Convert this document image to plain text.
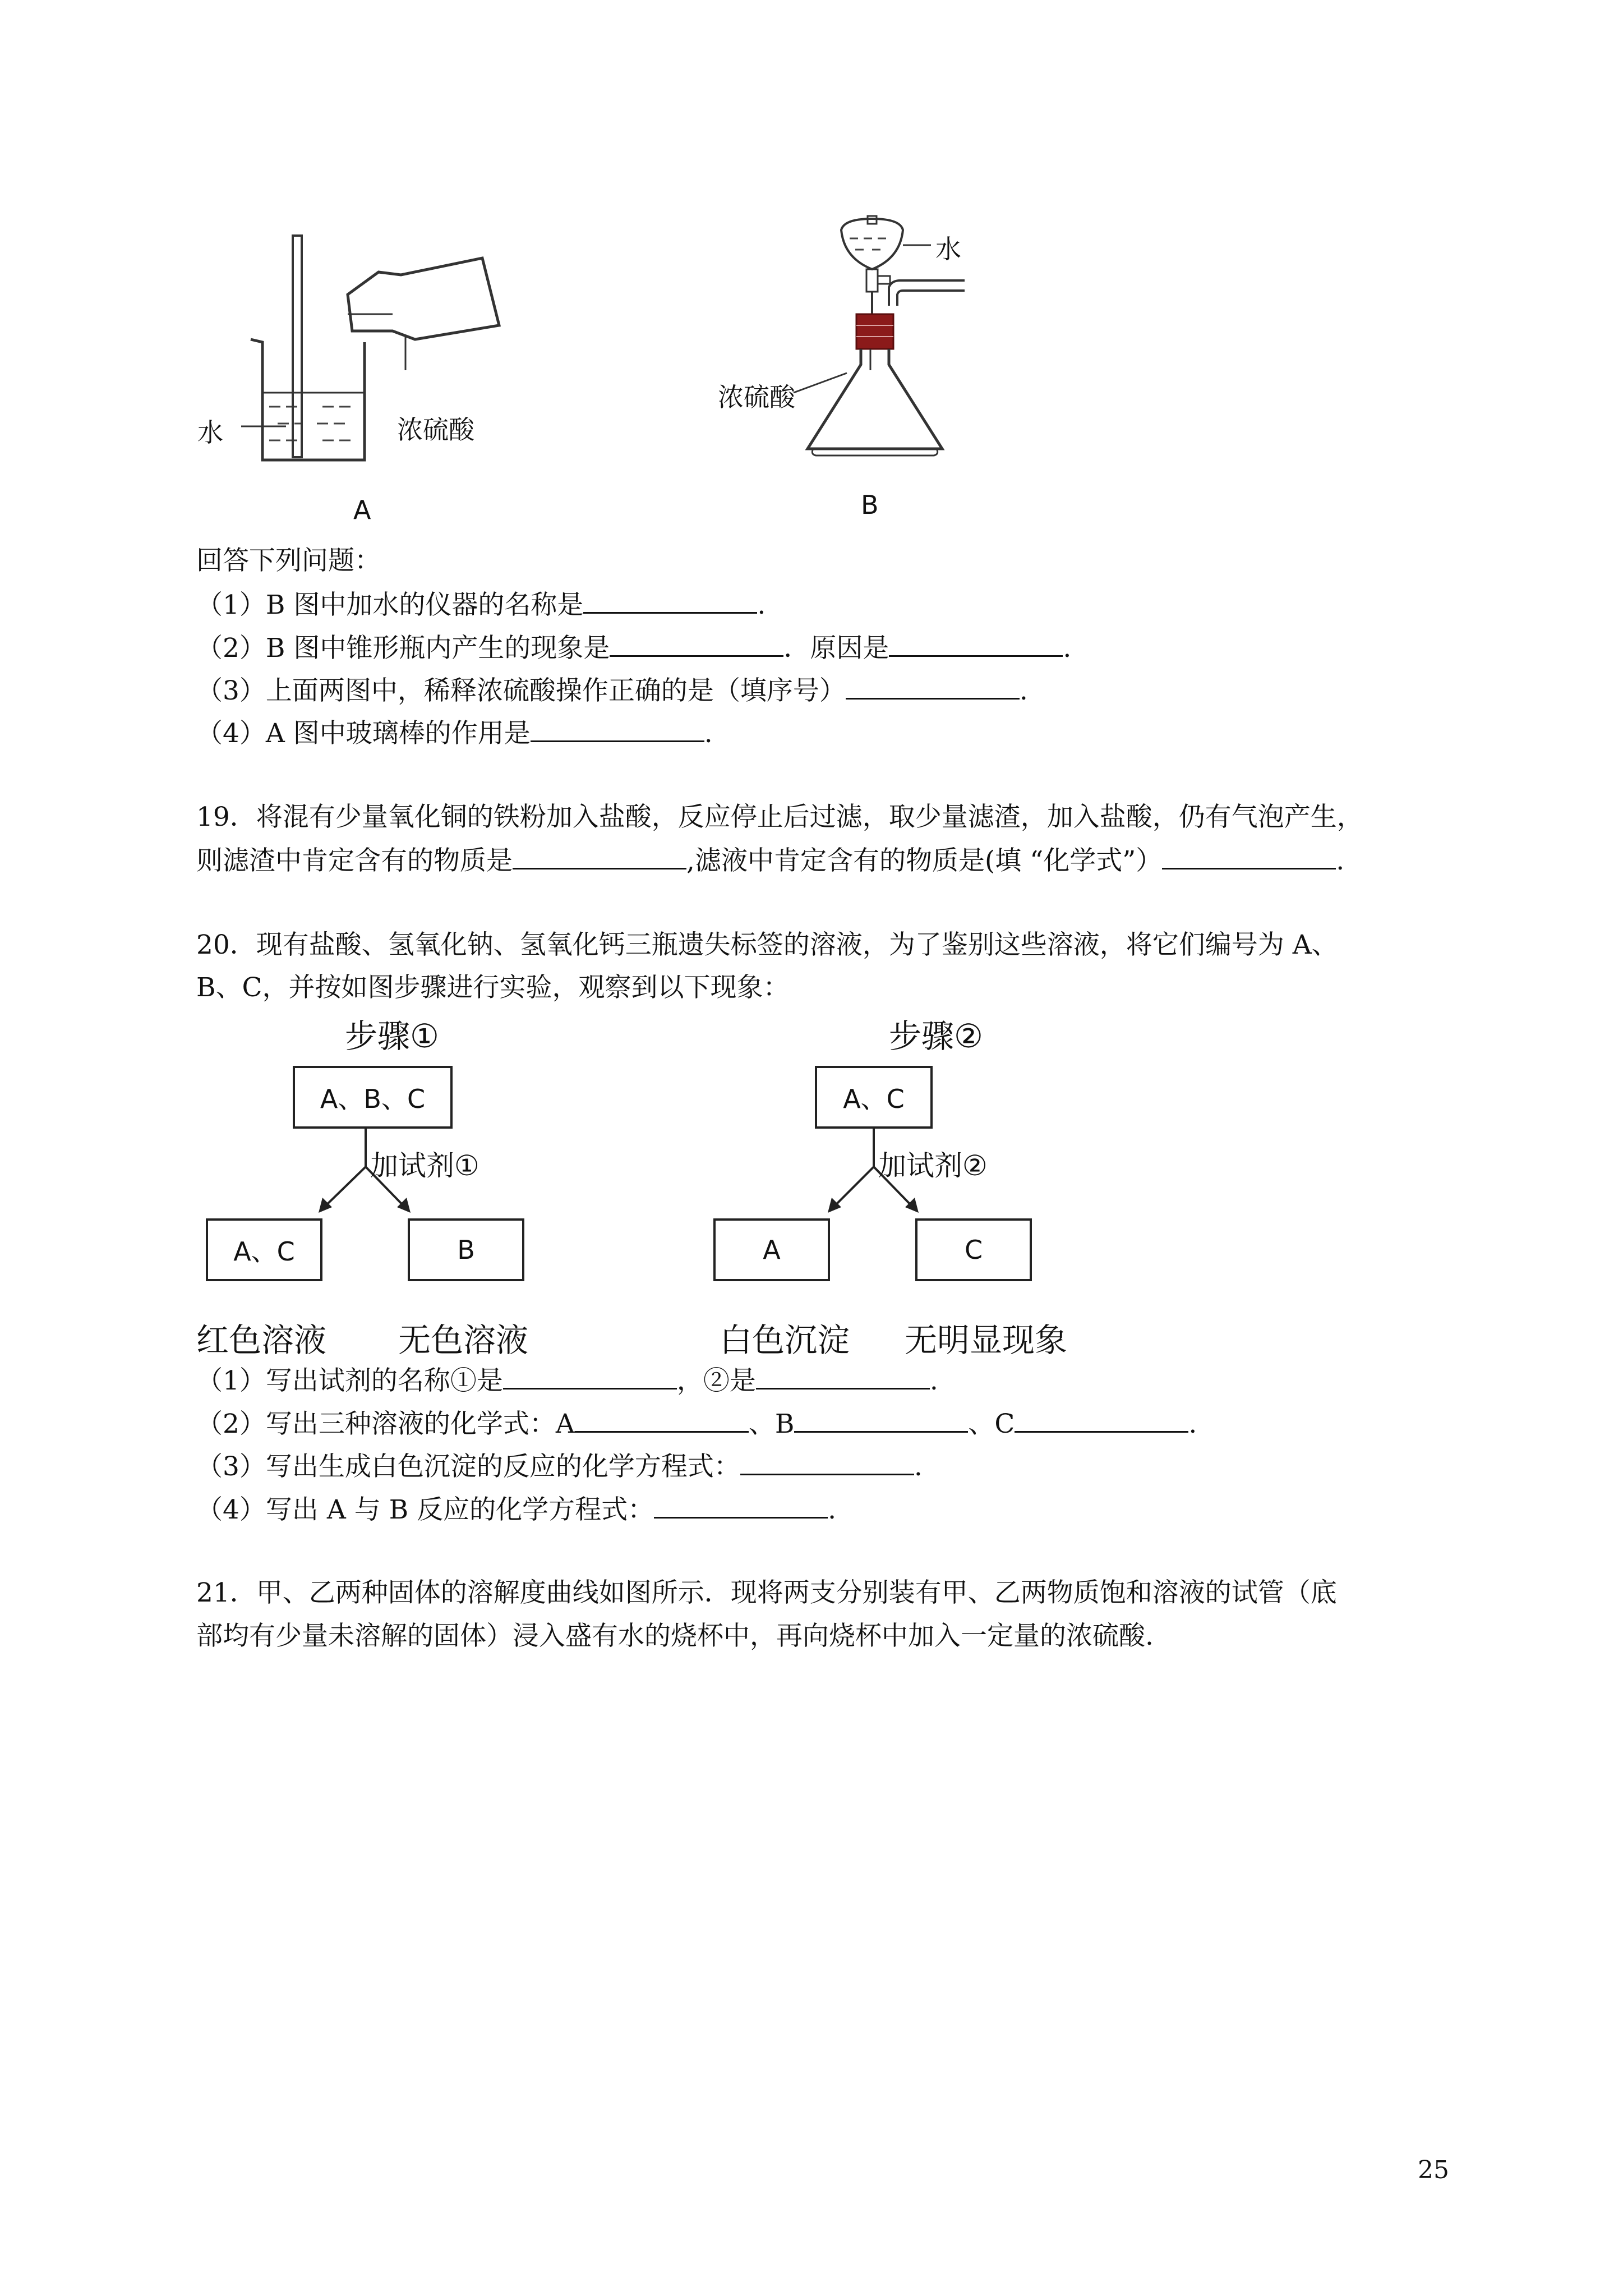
水	浓硫酸
A
水
浓硫酸
B
回答下列问题：
（1）B 图中加水的仪器的名称是	.
（2）B 图中锥形瓶内产生的现象是	．原因是	.
（3）上面两图中，稀释浓硫酸操作正确的是（填序号）	.
（4）A 图中玻璃棒的作用是	.
19．将混有少量氧化铜的铁粉加入盐酸，反应停止后过滤，取少量滤渣，加入盐酸，仍有气泡产生，
则滤渣中肯定含有的物质是	,滤液中肯定含有的物质是(填 “化学式”）	.
20．现有盐酸、氢氧化钠、氢氧化钙三瓶遗失标签的溶液，为了鉴别这些溶液，将它们编号为 A、
B、C，并按如图步骤进行实验，观察到以下现象：
步骤①
A、B、C
加试剂①
A、C	B
红色溶液 无色溶液
步骤②
A、C
加试剂②
A	C
白色沉淀 无明显现象
（1）写出试剂的名称①是	，②是	.
（2）写出三种溶液的化学式：A	、B	、C	.
（3）写出生成白色沉淀的反应的化学方程式：	.
（4）写出 A 与 B 反应的化学方程式：	.
21．甲、乙两种固体的溶解度曲线如图所示．现将两支分别装有甲、乙两物质饱和溶液的试管（底
部均有少量未溶解的固体）浸入盛有水的烧杯中，再向烧杯中加入一定量的浓硫酸.
25
